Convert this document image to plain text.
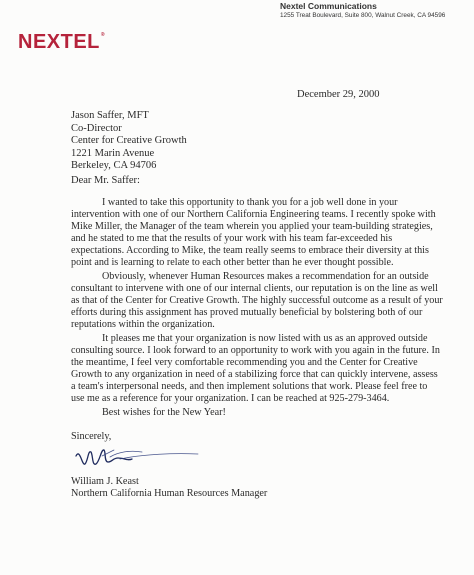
Nextel Communications
1255 Treat Boulevard, Suite 800, Walnut Creek, CA 94596
NEXTEL®
December 29, 2000
Jason Saffer, MFT
Co-Director
Center for Creative Growth
1221 Marin Avenue
Berkeley, CA 94706
Dear Mr. Saffer:
I wanted to take this opportunity to thank you for a job well done in your intervention with one of our Northern California Engineering teams. I recently spoke with Mike Miller, the Manager of the team wherein you applied your team-building strategies, and he stated to me that the results of your work with his team far-exceeded his expectations. According to Mike, the team really seems to embrace their diversity at this point and is learning to relate to each other better than he ever thought possible.
Obviously, whenever Human Resources makes a recommendation for an outside consultant to intervene with one of our internal clients, our reputation is on the line as well as that of the Center for Creative Growth. The highly successful outcome as a result of your efforts during this assignment has proved mutually beneficial by bolstering both of our reputations within the organization.
It pleases me that your organization is now listed with us as an approved outside consulting source. I look forward to an opportunity to work with you again in the future. In the meantime, I feel very comfortable recommending you and the Center for Creative Growth to any organization in need of a stabilizing force that can quickly intervene, assess a team's interpersonal needs, and then implement solutions that work. Please feel free to use me as a reference for your organization. I can be reached at 925-279-3464.
Best wishes for the New Year!
Sincerely,
William J. Keast
Northern California Human Resources Manager
